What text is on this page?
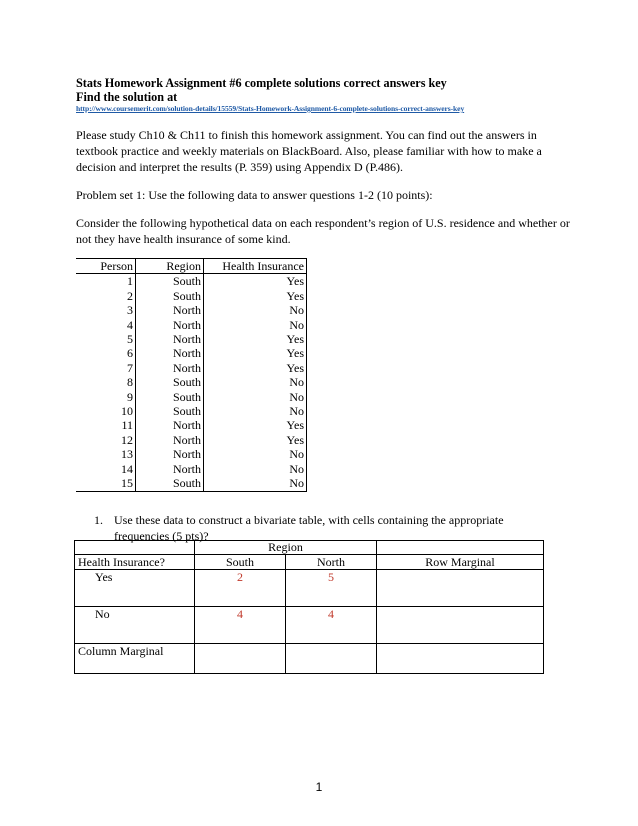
Stats Homework Assignment #6 complete solutions correct answers key
Find the solution at
http://www.coursemerit.com/solution-details/15559/Stats-Homework-Assignment-6-complete-solutions-correct-answers-key
Please study Ch10 & Ch11 to finish this homework assignment. You can find out the answers in textbook practice and weekly materials on BlackBoard. Also, please familiar with how to make a decision and interpret the results (P. 359) using Appendix D (P.486).
Problem set 1: Use the following data to answer questions 1-2 (10 points):
Consider the following hypothetical data on each respondent’s region of U.S. residence and whether or not they have health insurance of some kind.
Person	Region	Health Insurance
1	South	Yes
2	South	Yes
3	North	No
4	North	No
5	North	Yes
6	North	Yes
7	North	Yes
8	South	No
9	South	No
10	South	No
11	North	Yes
12	North	Yes
13	North	No
14	North	No
15	South	No
1. Use these data to construct a bivariate table, with cells containing the appropriate frequencies (5 pts)?
	Region		
Health Insurance?	South	North	Row Marginal
Yes	2	5	
No	4	4	
Column Marginal			
1
